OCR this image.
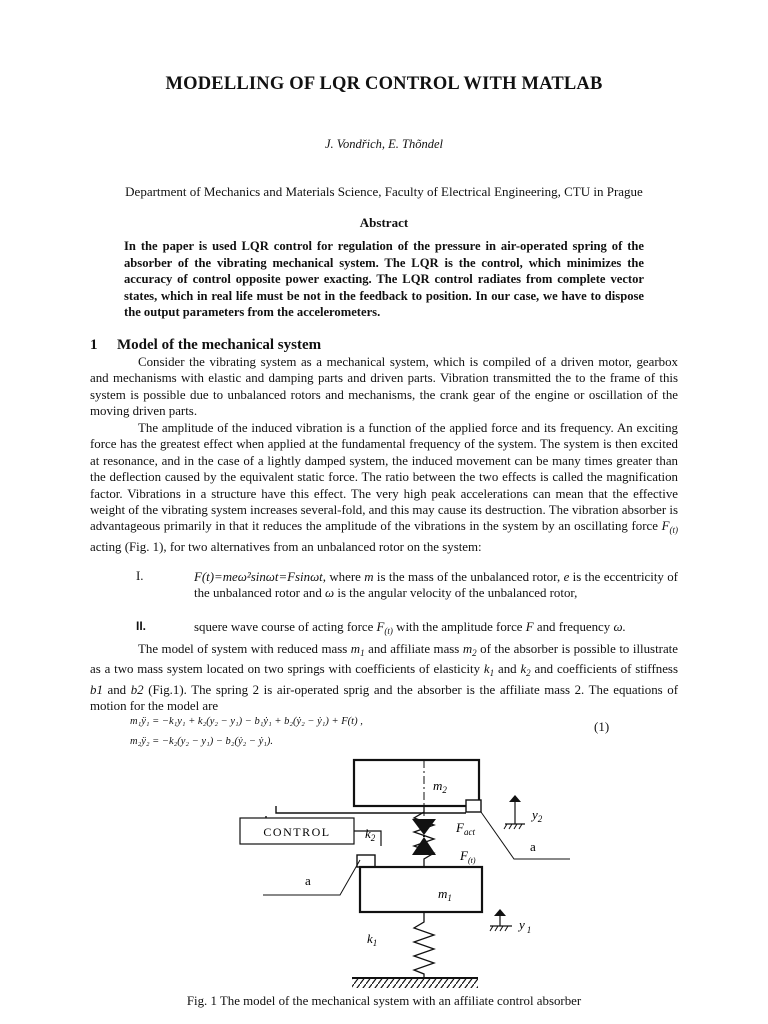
MODELLING OF LQR CONTROL WITH MATLAB
J. Vondřich, E. Thõndel
Department of Mechanics and Materials Science, Faculty of Electrical Engineering, CTU in Prague
Abstract
In the paper is used LQR control for regulation of the pressure in air-operated spring of the absorber of the vibrating mechanical system. The LQR is the control, which minimizes the accuracy of control opposite power exacting. The LQR control radiates from complete vector states, which in real life must be not in the feedback to position. In our case, we have to dispose the output parameters from the accelerometers.
1 Model of the mechanical system

Consider the vibrating system as a mechanical system, which is compiled of a driven motor, gearbox and mechanisms with elastic and damping parts and driven parts. Vibration transmitted the to the frame of this system is possible due to unbalanced rotors and mechanisms, the crank gear of the engine or oscillation of the moving driven parts.

The amplitude of the induced vibration is a function of the applied force and its frequency. An exciting force has the greatest effect when applied at the fundamental frequency of the system. The system is then excited at resonance, and in the case of a lightly damped system, the induced movement can be many times greater than the deflection caused by the equivalent static force. The ratio between the two effects is called the magnification factor. Vibrations in a structure have this effect. The very high peak accelerations can mean that the effective weight of the vibrating system increases several-fold, and this may cause its destruction. The vibration absorber is advantageous primarily in that it reduces the amplitude of the vibrations in the system by an oscillating force $F_{(t)}$ acting (Fig. 1), for two alternatives from an unbalanced rotor on the system:

I.	F(t)=meω²sinωt=Fsinωt, where m is the mass of the unbalanced rotor, e is the eccentricity of the unbalanced rotor and ω is the angular velocity of the unbalanced rotor,
II.	squere wave course of acting force $F_{(t)}$ with the amplitude force F and frequency ω.

The model of system with reduced mass $m_1$ and affiliate mass $m_2$ of the absorber is possible to illustrate as a two mass system located on two springs with coefficients of elasticity $k_1$ and $k_2$ and coefficients of stiffness b1 and b2 (Fig.1). The spring 2 is air-operated sprig and the absorber is the affiliate mass 2. The equations of motion for the model are

m₁ÿ₁ = −k₁y₁ + k₂(y₂ − y₁) − b₁ẏ₁ + b₂(ẏ₂ − ẏ₁) + F(t) ,
m₂ÿ₂ = −k₂(y₂ − y₁) − b₂(ẏ₂ − ẏ₁).
(1)
CONTROL
$m_2$
$m_1$
$k_2$
$k_1$
$F_{act}$
$F_{(t)}$
$y_2$
y $_1$
a
a
Fig. 1 The model of the mechanical system with an affiliate control absorber
